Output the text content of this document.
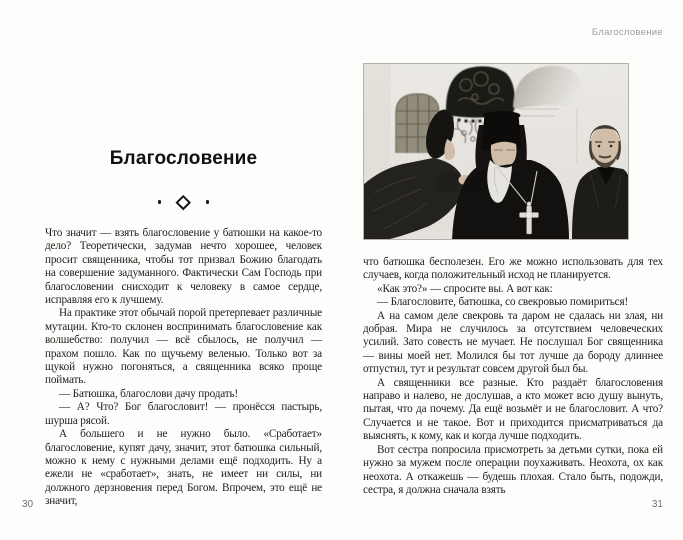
Благословение

Что значит — взять благословение у батюшки на какое-то дело? Теоретически, задумав нечто хорошее, человек просит священника, чтобы тот призвал Божию благодать на совершение задуманного. Фактически Сам Господь при благословении снисходит к человеку в самое сердце, исправляя его к лучшему.

На практике этот обычай порой претерпевает различные мутации. Кто-то склонен воспринимать благословение как волшебство: получил — всё сбылось, не получил — прахом пошло. Как по щучьему веленью. Только вот за щукой нужно погоняться, а священника всяко проще поймать.

— Батюшка, благослови дачу продать!

— А? Что? Бог благословит! — пронёсся пастырь, шурша рясой.

А большего и не нужно было. «Сработает» благословение, купят дачу, значит, этот батюшка сильный, можно к нему с нужными делами ещё подходить. Ну а ежели не «сработает», знать, не имеет ни силы, ни должного дерзновения перед Богом. Впрочем, это ещё не значит,

30
Благословение

что батюшка бесполезен. Его же можно использовать для тех случаев, когда положительный исход не планируется.

«Как это?» — спросите вы. А вот как:

— Благословите, батюшка, со свекровью помириться!

А на самом деле свекровь та даром не сдалась ни злая, ни добрая. Мира не случилось за отсутствием человеческих усилий. Зато совесть не мучает. Не послушал Бог священника — вины моей нет. Молился бы тот лучше да бороду длиннее отпустил, тут и результат совсем другой был бы.

А священники все разные. Кто раздаёт благословения направо и налево, не дослушав, а кто может всю душу вынуть, пытая, что да почему. Да ещё возьмёт и не благословит. А что? Случается и не такое. Вот и приходится присматриваться да выяснять, к кому, как и когда лучше подходить.

Вот сестра попросила присмотреть за детьми сутки, пока ей нужно за мужем после операции поухаживать. Неохота, ох как неохота. А откажешь — будешь плохая. Стало быть, подожди, сестра, я должна сначала взять

31
